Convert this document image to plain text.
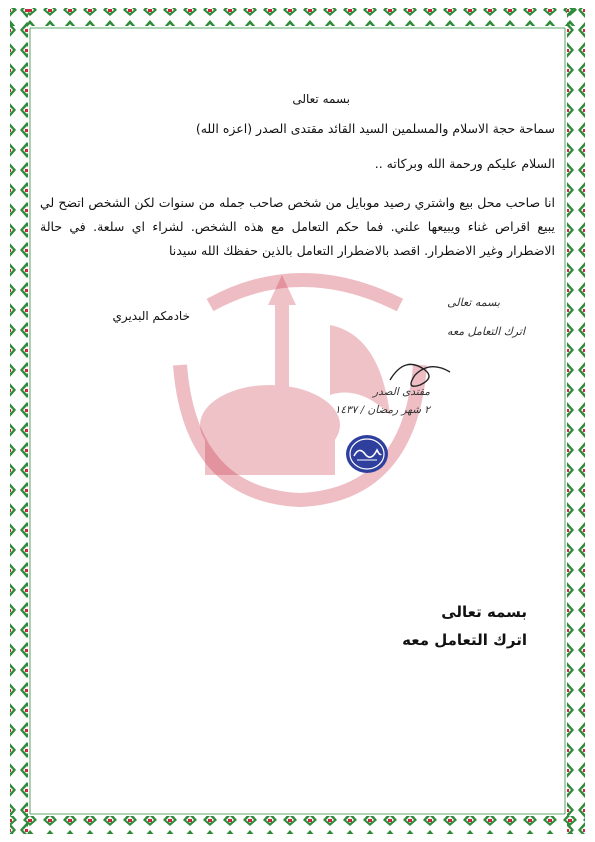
بسمه تعالى
سماحة حجة الاسلام والمسلمين السيد القائد مقتدى الصدر (اعزه الله)
السلام عليكم ورحمة الله وبركاته ..
انا صاحب محل بيع واشتري رصيد موبايل من شخص صاحب جمله من سنوات لكن الشخص اتضح لي يبيع اقراص غناء ويبيعها علني. فما حكم التعامل مع هذه الشخص. لشراء اي سلعة. في حالة الاضطرار وغير الاضطرار. اقصد بالاضطرار التعامل بالذين حفظك الله سيدنا
خادمكم البديري
بسمه تعالى
اترك التعامل معه
مقتدى الصدر
٢ شهر رمضان / ١٤٣٧
بسمه تعالى
اترك التعامل معه
